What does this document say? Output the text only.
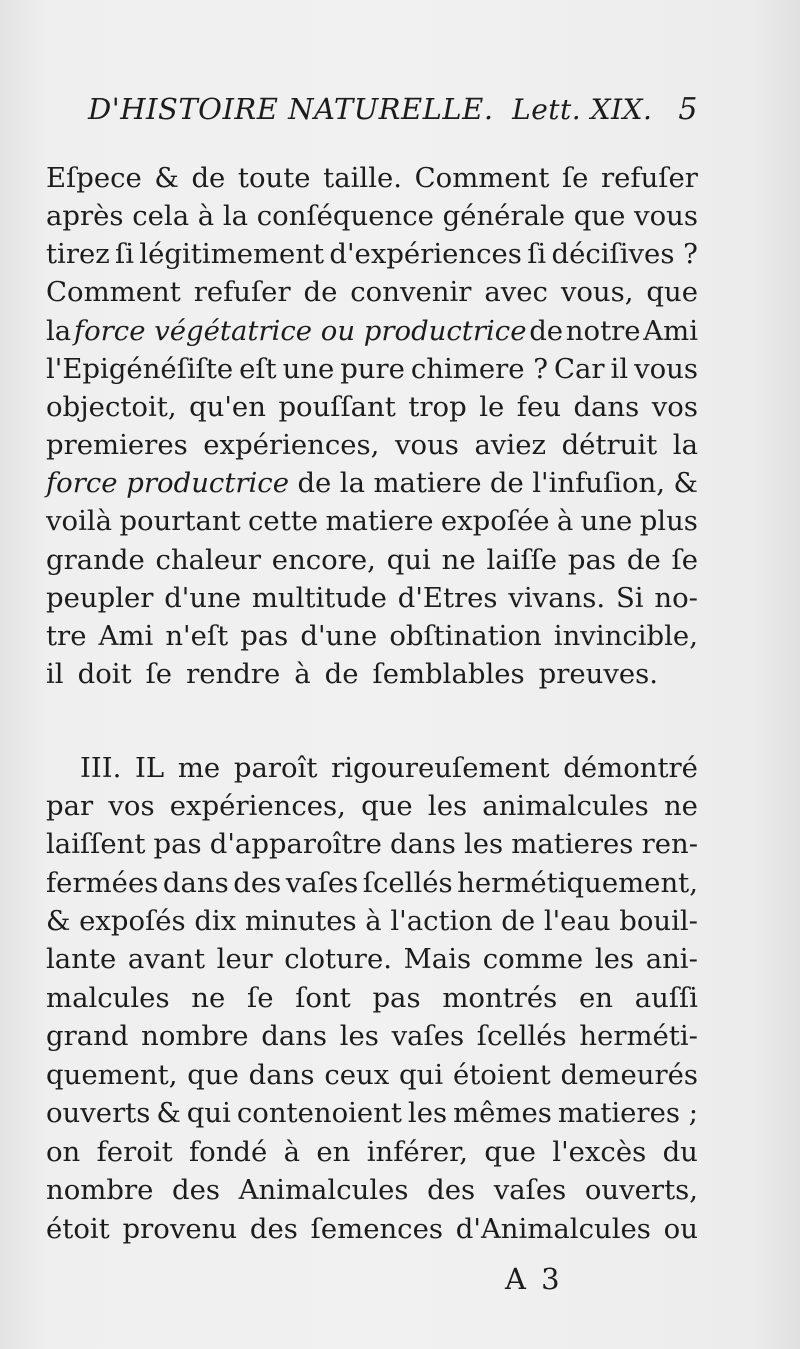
D'HISTOIRE NATURELLE. Lett. XIX. 5
Eſpece & de toute taille. Comment ſe refuſer
après cela à la conſéquence générale que vous
tirez ſi légitimement d'expériences ſi déciſives ?
Comment refuſer de convenir avec vous, que
la force végétatrice ou productrice de notre Ami
l'Epigénéſiſte eſt une pure chimere ? Car il vous
objectoit, qu'en pouſſant trop le feu dans vos
premieres expériences, vous aviez détruit la
force productrice de la matiere de l'infuſion, &
voilà pourtant cette matiere expoſée à une plus
grande chaleur encore, qui ne laiſſe pas de ſe
peupler d'une multitude d'Etres vivans. Si no-
tre Ami n'eſt pas d'une obſtination invincible,
il doit ſe rendre à de ſemblables preuves.
III. IL me paroît rigoureuſement démontré
par vos expériences, que les animalcules ne
laiſſent pas d'apparoître dans les matieres ren-
fermées dans des vaſes ſcellés hermétiquement,
& expoſés dix minutes à l'action de l'eau bouil-
lante avant leur cloture. Mais comme les ani-
malcules ne ſe ſont pas montrés en auſſi
grand nombre dans les vaſes ſcellés herméti-
quement, que dans ceux qui étoient demeurés
ouverts & qui contenoient les mêmes matieres ;
on feroit fondé à en inférer, que l'excès du
nombre des Animalcules des vaſes ouverts,
étoit provenu des ſemences d'Animalcules ou
A 3
